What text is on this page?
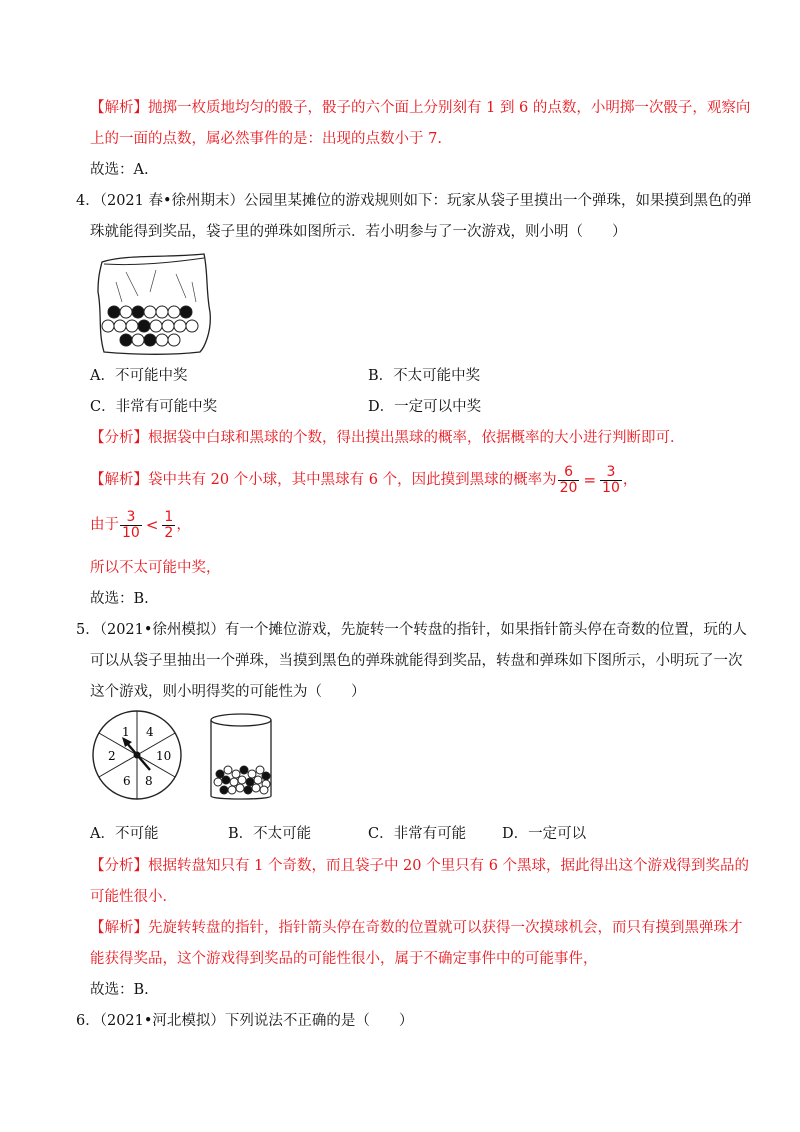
【解析】抛掷一枚质地均匀的骰子，骰子的六个面上分别刻有 1 到 6 的点数，小明掷一次骰子，观察向
上的一面的点数，属必然事件的是：出现的点数小于 7.
故选：A.
4．（2021 春•徐州期末）公园里某摊位的游戏规则如下：玩家从袋子里摸出一个弹珠，如果摸到黑色的弹
珠就能得到奖品，袋子里的弹珠如图所示．若小明参与了一次游戏，则小明（　　）
A．不可能中奖	B．不太可能中奖
C．非常有可能中奖	D．一定可以中奖
【分析】根据袋中白球和黑球的个数，得出摸出黑球的概率，依据概率的大小进行判断即可．
【解析】袋中共有 20 个小球，其中黑球有 6 个，因此摸到黑球的概率为 $\frac{6}{20} = \frac{3}{10}$ ，
由于 $\frac{3}{10} < \frac{1}{2}$ ，
所以不太可能中奖，
故选：B.
5．（2021•徐州模拟）有一个摊位游戏，先旋转一个转盘的指针，如果指针箭头停在奇数的位置，玩的人
可以从袋子里抽出一个弹珠，当摸到黑色的弹珠就能得到奖品，转盘和弹珠如下图所示，小明玩了一次
这个游戏，则小明得奖的可能性为（　　）
1 4
10
8
6
2
A．不可能	B．不太可能	C．非常有可能 D．一定可以
【分析】根据转盘知只有 1 个奇数，而且袋子中 20 个里只有 6 个黑球，据此得出这个游戏得到奖品的
可能性很小．
【解析】先旋转转盘的指针，指针箭头停在奇数的位置就可以获得一次摸球机会，而只有摸到黑弹珠才
能获得奖品，这个游戏得到奖品的可能性很小，属于不确定事件中的可能事件，
故选：B.
6．（2021•河北模拟）下列说法不正确的是（　　）
